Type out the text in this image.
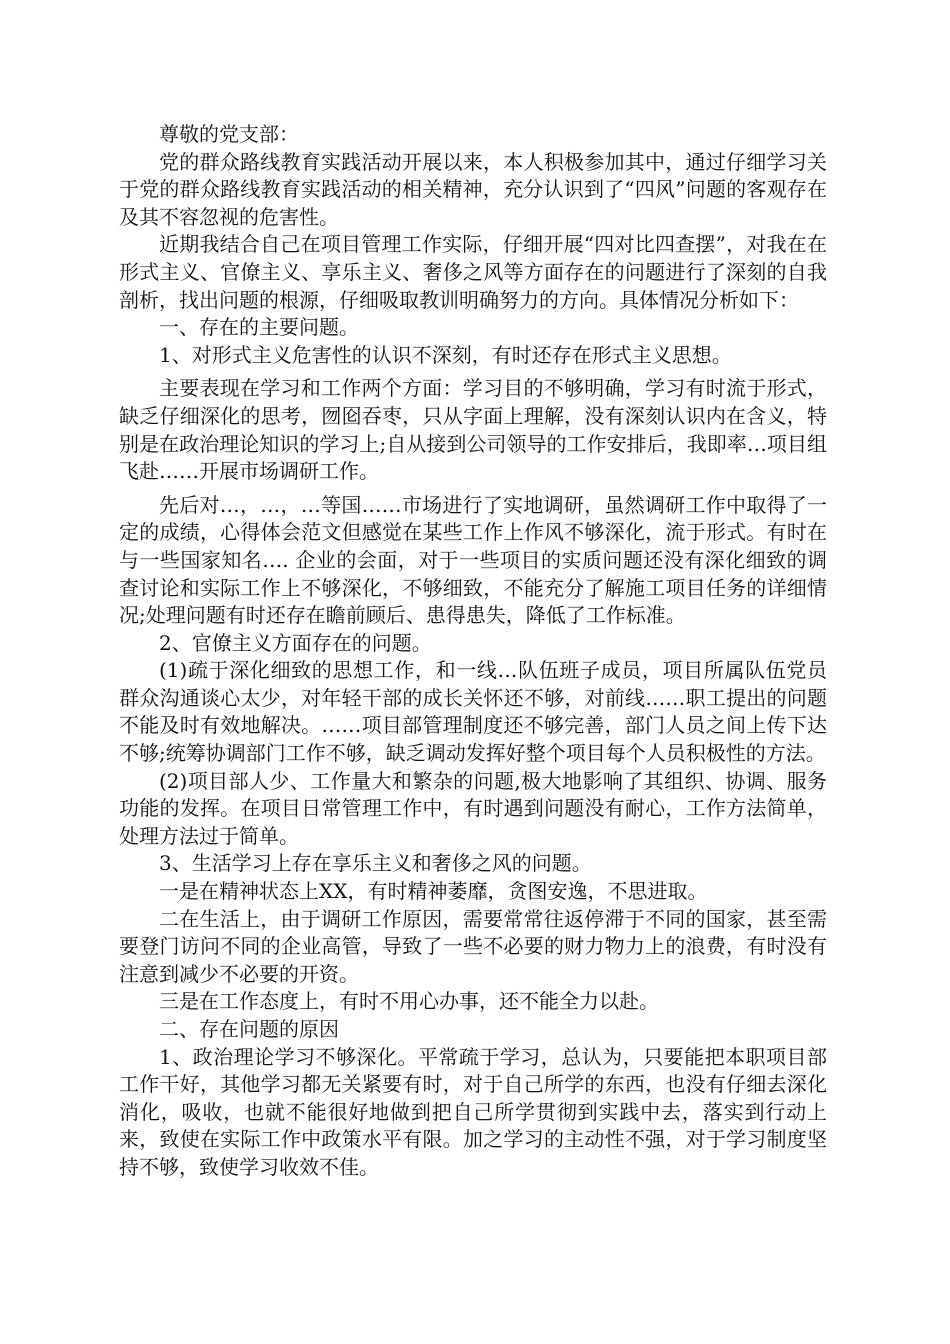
尊敬的党支部：

党的群众路线教育实践活动开展以来，本人积极参加其中，通过仔细学习关于党的群众路线教育实践活动的相关精神，充分认识到了“四风”问题的客观存在及其不容忽视的危害性。

近期我结合自己在项目管理工作实际，仔细开展“四对比四查摆”，对我在在形式主义、官僚主义、享乐主义、奢侈之风等方面存在的问题进行了深刻的自我剖析，找出问题的根源，仔细吸取教训明确努力的方向。具体情况分析如下：

一、存在的主要问题。

1、对形式主义危害性的认识不深刻，有时还存在形式主义思想。

主要表现在学习和工作两个方面：学习目的不够明确，学习有时流于形式，缺乏仔细深化的思考，囫囵吞枣，只从字面上理解，没有深刻认识内在含义，特别是在政治理论知识的学习上;自从接到公司领导的工作安排后，我即率…项目组飞赴……开展市场调研工作。

先后对…，…，…等国……市场进行了实地调研，虽然调研工作中取得了一定的成绩，心得体会范文但感觉在某些工作上作风不够深化，流于形式。有时在与一些国家知名…. 企业的会面，对于一些项目的实质问题还没有深化细致的调查讨论和实际工作上不够深化，不够细致，不能充分了解施工项目任务的详细情况;处理问题有时还存在瞻前顾后、患得患失，降低了工作标准。

2、官僚主义方面存在的问题。

(1)疏于深化细致的思想工作，和一线…队伍班子成员，项目所属队伍党员群众沟通谈心太少，对年轻干部的成长关怀还不够，对前线……职工提出的问题不能及时有效地解决。……项目部管理制度还不够完善，部门人员之间上传下达不够;统筹协调部门工作不够，缺乏调动发挥好整个项目每个人员积极性的方法。

(2)项目部人少、工作量大和繁杂的问题,极大地影响了其组织、协调、服务功能的发挥。在项目日常管理工作中，有时遇到问题没有耐心，工作方法简单，处理方法过于简单。

3、生活学习上存在享乐主义和奢侈之风的问题。

一是在精神状态上XX，有时精神萎靡，贪图安逸，不思进取。

二在生活上，由于调研工作原因，需要常常往返停滞于不同的国家，甚至需要登门访问不同的企业高管，导致了一些不必要的财力物力上的浪费，有时没有注意到减少不必要的开资。

三是在工作态度上，有时不用心办事，还不能全力以赴。

二、存在问题的原因

1、政治理论学习不够深化。平常疏于学习，总认为，只要能把本职项目部工作干好，其他学习都无关紧要有时，对于自己所学的东西，也没有仔细去深化消化，吸收，也就不能很好地做到把自己所学贯彻到实践中去，落实到行动上来，致使在实际工作中政策水平有限。加之学习的主动性不强，对于学习制度坚持不够，致使学习收效不佳。
